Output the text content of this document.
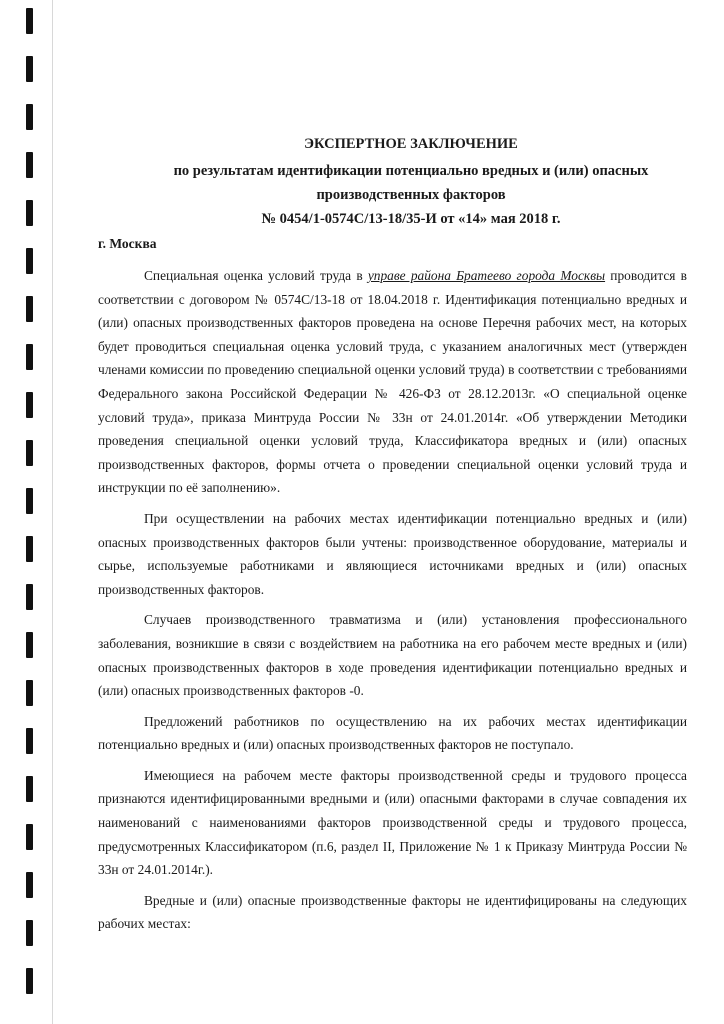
ЭКСПЕРТНОЕ ЗАКЛЮЧЕНИЕ
по результатам идентификации потенциально вредных и (или) опасных
производственных факторов
№ 0454/1-0574С/13-18/35-И от «14» мая 2018 г.
г. Москва

Специальная оценка условий труда в управе района Братеево города Москвы проводится в соответствии с договором № 0574С/13-18 от 18.04.2018 г. Идентификация потенциально вредных и (или) опасных производственных факторов проведена на основе Перечня рабочих мест, на которых будет проводиться специальная оценка условий труда, с указанием аналогичных мест (утвержден членами комиссии по проведению специальной оценки условий труда) в соответствии с требованиями Федерального закона Российской Федерации № 426-ФЗ от 28.12.2013г. «О специальной оценке условий труда», приказа Минтруда России № 33н от 24.01.2014г. «Об утверждении Методики проведения специальной оценки условий труда, Классификатора вредных и (или) опасных производственных факторов, формы отчета о проведении специальной оценки условий труда и инструкции по её заполнению».

При осуществлении на рабочих местах идентификации потенциально вредных и (или) опасных производственных факторов были учтены: производственное оборудование, материалы и сырье, используемые работниками и являющиеся источниками вредных и (или) опасных производственных факторов.

Случаев производственного травматизма и (или) установления профессионального заболевания, возникшие в связи с воздействием на работника на его рабочем месте вредных и (или) опасных производственных факторов в ходе проведения идентификации потенциально вредных и (или) опасных производственных факторов -0.

Предложений работников по осуществлению на их рабочих местах идентификации потенциально вредных и (или) опасных производственных факторов не поступало.

Имеющиеся на рабочем месте факторы производственной среды и трудового процесса признаются идентифицированными вредными и (или) опасными факторами в случае совпадения их наименований с наименованиями факторов производственной среды и трудового процесса, предусмотренных Классификатором (п.6, раздел II, Приложение № 1 к Приказу Минтруда России № 33н от 24.01.2014г.).

Вредные и (или) опасные производственные факторы не идентифицированы на следующих рабочих местах:
